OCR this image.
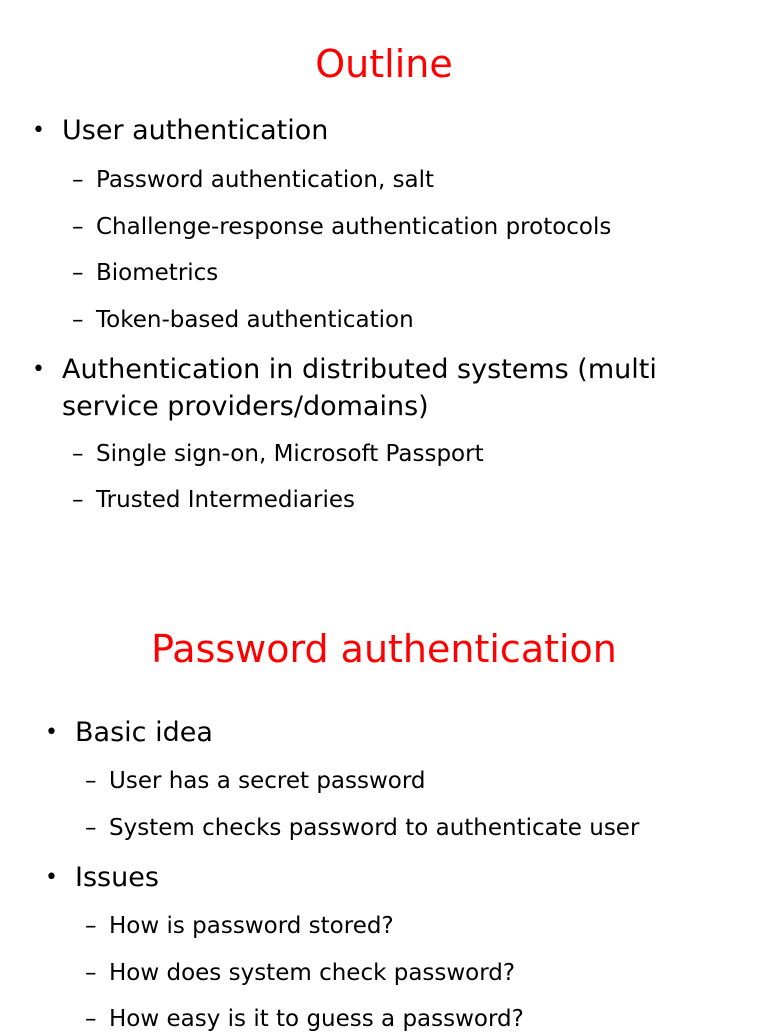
Outline
• User authentication
– Password authentication, salt
– Challenge-response authentication protocols
– Biometrics
– Token-based authentication
• Authentication in distributed systems (multi
service providers/domains)
– Single sign-on, Microsoft Passport
– Trusted Intermediaries
Password authentication
• Basic idea
– User has a secret password
– System checks password to authenticate user
• Issues
– How is password stored?
– How does system check password?
– How easy is it to guess a password?
